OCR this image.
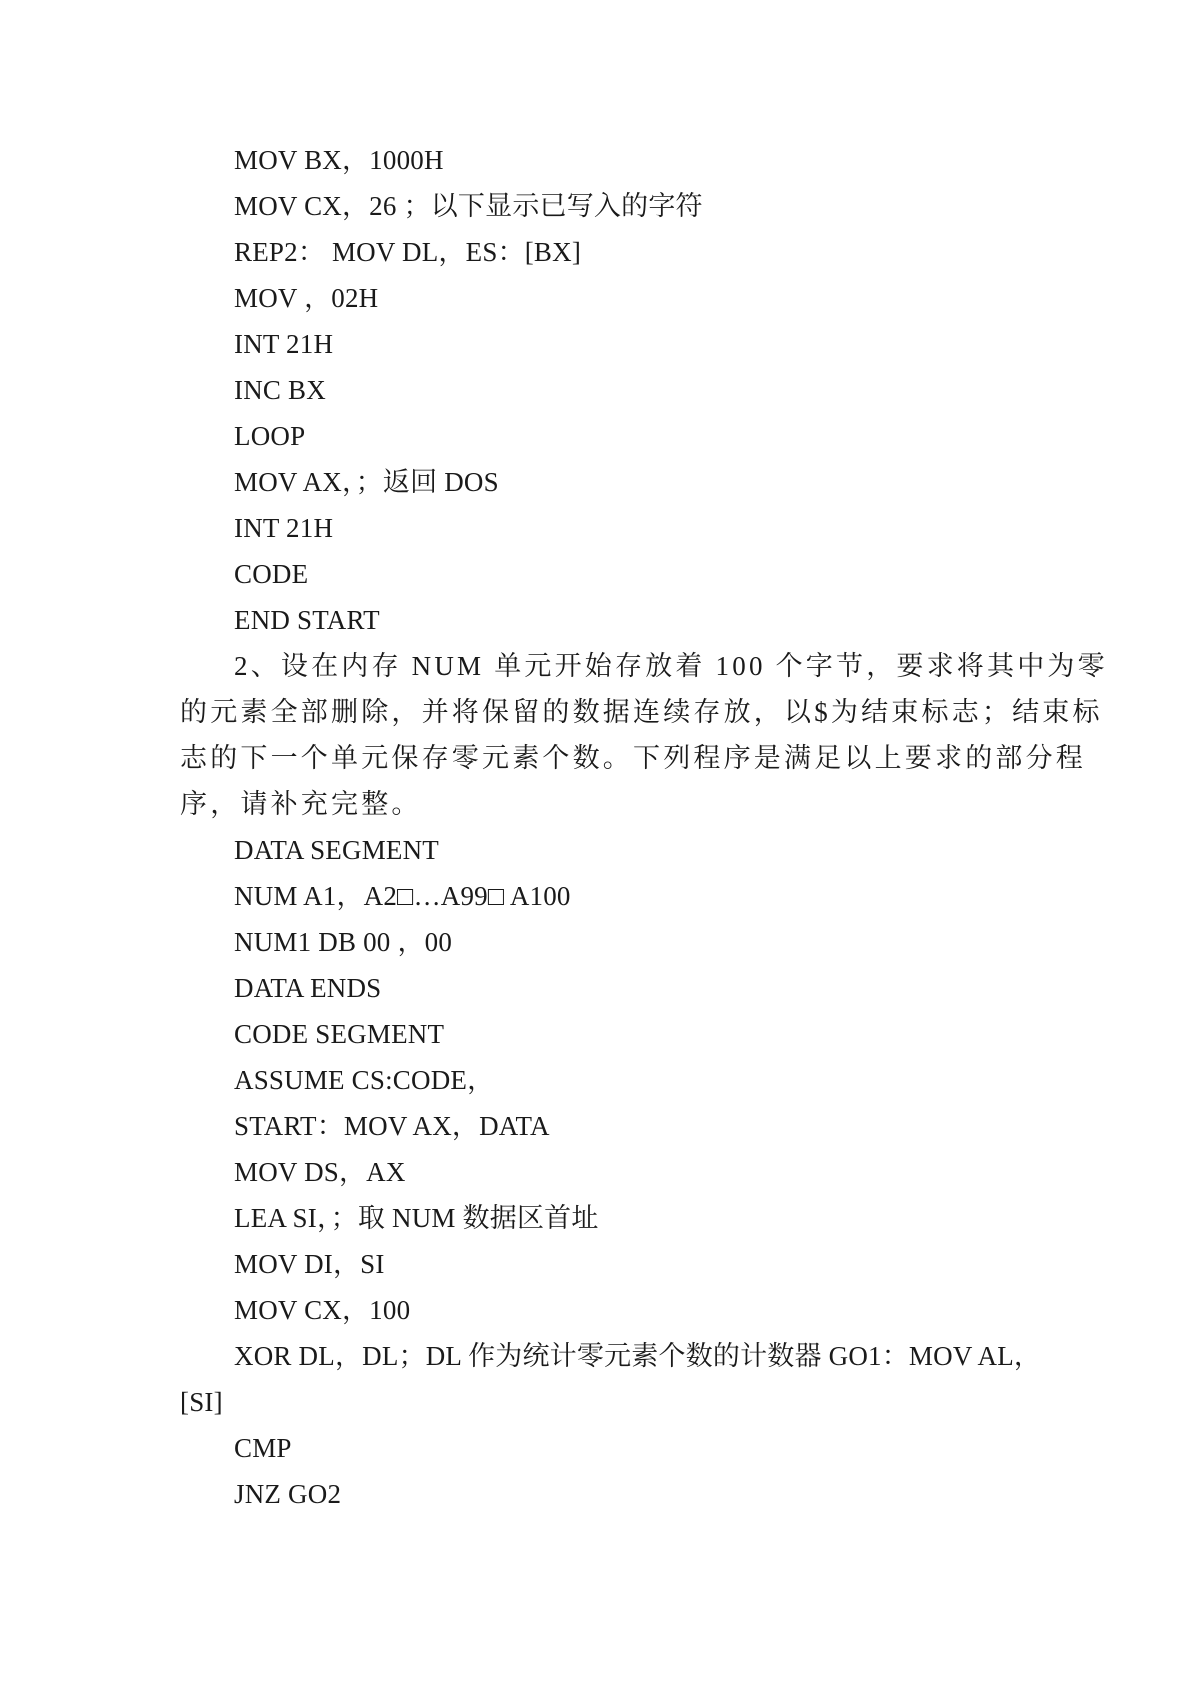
MOV BX，1000H
MOV CX，26 ；以下显示已写入的字符
REP2： MOV DL，ES：[BX]
MOV ，02H
INT 21H
INC BX
LOOP
MOV AX，；返回 DOS
INT 21H
CODE
END START
2、设在内存 NUM 单元开始存放着 100 个字节，要求将其中为零
的元素全部删除，并将保留的数据连续存放，以$为结束标志；结束标
志的下一个单元保存零元素个数。下列程序是满足以上要求的部分程
序，请补充完整。
DATA SEGMENT
NUM A1，A2□…A99□ A100
NUM1 DB 00 ，00
DATA ENDS
CODE SEGMENT
ASSUME CS:CODE，
START：MOV AX，DATA
MOV DS，AX
LEA SI，；取 NUM 数据区首址
MOV DI，SI
MOV CX，100
XOR DL，DL；DL 作为统计零元素个数的计数器 GO1：MOV AL，
[SI]
CMP
JNZ GO2
